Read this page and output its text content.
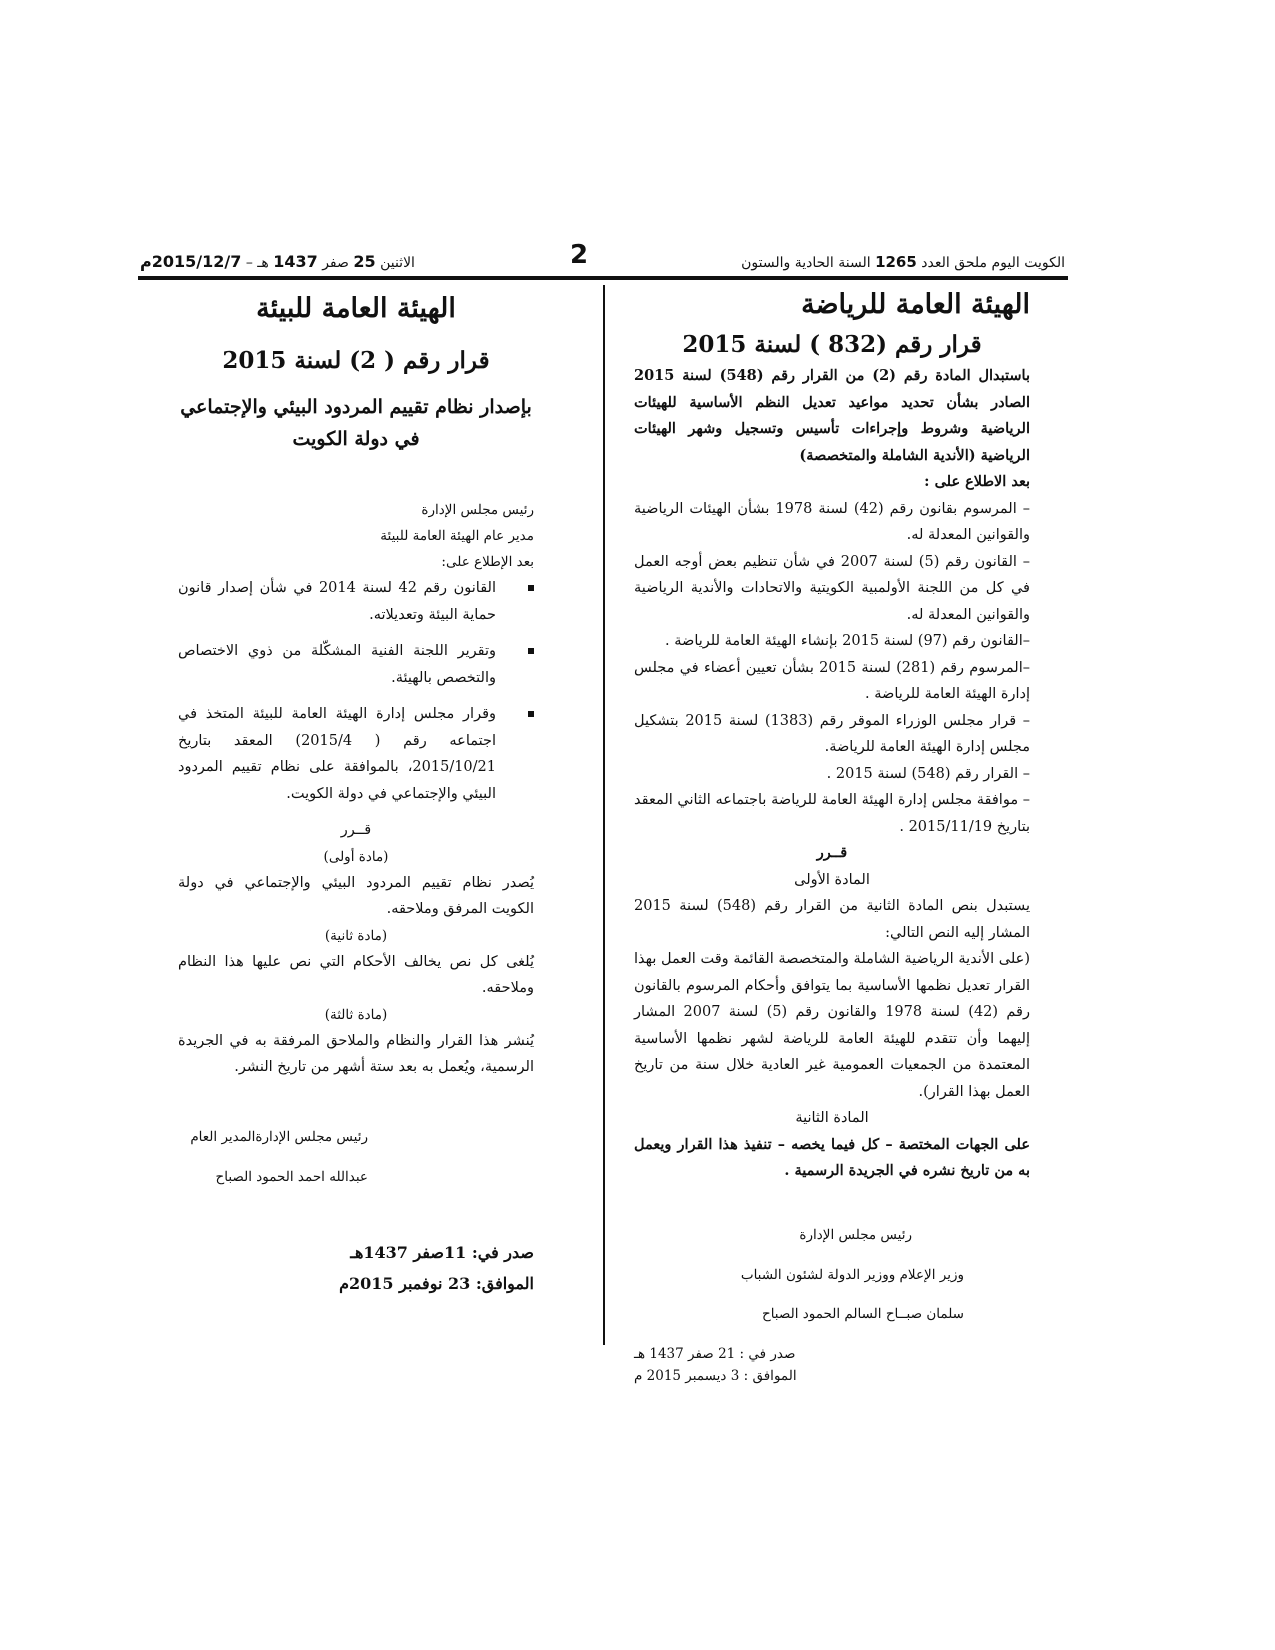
الكويت اليوم ملحق العدد 1265 السنة الحادية والستون
2
الاثنين 25 صفر 1437 هـ – 2015/12/7م
الهيئة العامة للرياضة
قرار رقم (832 ) لسنة 2015

باستبدال المادة رقم (2) من القرار رقم (548) لسنة 2015 الصادر بشأن تحديد مواعيد تعديل النظم الأساسية للهيئات الرياضية وشروط وإجراءات تأسيس وتسجيل وشهر الهيئات الرياضية (الأندية الشاملة والمتخصصة)

بعد الاطلاع على :

– المرسوم بقانون رقم (42) لسنة 1978 بشأن الهيئات الرياضية والقوانين المعدلة له.

– القانون رقم (5) لسنة 2007 في شأن تنظيم بعض أوجه العمل في كل من اللجنة الأولمبية الكويتية والاتحادات والأندية الرياضية والقوانين المعدلة له.

–القانون رقم (97) لسنة 2015 بإنشاء الهيئة العامة للرياضة .

–المرسوم رقم (281) لسنة 2015 بشأن تعيين أعضاء في مجلس إدارة الهيئة العامة للرياضة .

– قرار مجلس الوزراء الموقر رقم (1383) لسنة 2015 بتشكيل مجلس إدارة الهيئة العامة للرياضة.

– القرار رقم (548) لسنة 2015 .

– موافقة مجلس إدارة الهيئة العامة للرياضة باجتماعه الثاني المعقد بتاريخ 2015/11/19 .

قــرر

المادة الأولى

يستبدل بنص المادة الثانية من القرار رقم (548) لسنة 2015 المشار إليه النص التالي:

(على الأندية الرياضية الشاملة والمتخصصة القائمة وقت العمل بهذا القرار تعديل نظمها الأساسية بما يتوافق وأحكام المرسوم بالقانون رقم (42) لسنة 1978 والقانون رقم (5) لسنة 2007 المشار إليهما وأن تتقدم للهيئة العامة للرياضة لشهر نظمها الأساسية المعتمدة من الجمعيات العمومية غير العادية خلال سنة من تاريخ العمل بهذا القرار).

المادة الثانية

على الجهات المختصة – كل فيما يخصه – تنفيذ هذا القرار ويعمل به من تاريخ نشره في الجريدة الرسمية .

رئيس مجلس الإدارة

وزير الإعلام ووزير الدولة لشئون الشباب

سلمان صبــاح السالم الحمود الصباح

صدر في : 21 صفر 1437 هـ

الموافق : 3 ديسمبر 2015 م

الهيئة العامة للبيئة
قرار رقم ( 2) لسنة 2015

بإصدار نظام تقييم المردود البيئي والإجتماعي

في دولة الكويت

رئيس مجلس الإدارة

مدير عام الهيئة العامة للبيئة

بعد الإطلاع على:

القانون رقم 42 لسنة 2014 في شأن إصدار قانون حماية البيئة وتعديلاته.
وتقرير اللجنة الفنية المشكّلة من ذوي الاختصاص والتخصص بالهيئة.
وقرار مجلس إدارة الهيئة العامة للبيئة المتخذ في اجتماعه رقم ( 2015/4) المعقد بتاريخ 2015/10/21، بالموافقة على نظام تقييم المردود البيئي والإجتماعي في دولة الكويت.

قــرر

(مادة أولى)

يُصدر نظام تقييم المردود البيئي والإجتماعي في دولة الكويت المرفق وملاحقه.

(مادة ثانية)

يُلغى كل نص يخالف الأحكام التي نص عليها هذا النظام وملاحقه.

(مادة ثالثة)

يُنشر هذا القرار والنظام والملاحق المرفقة به في الجريدة الرسمية، ويُعمل به بعد ستة أشهر من تاريخ النشر.

رئيس مجلس الإدارةالمدير العام

عبدالله احمد الحمود الصباح

صدر في: 11صفر 1437هـ

الموافق: 23 نوفمبر 2015م
